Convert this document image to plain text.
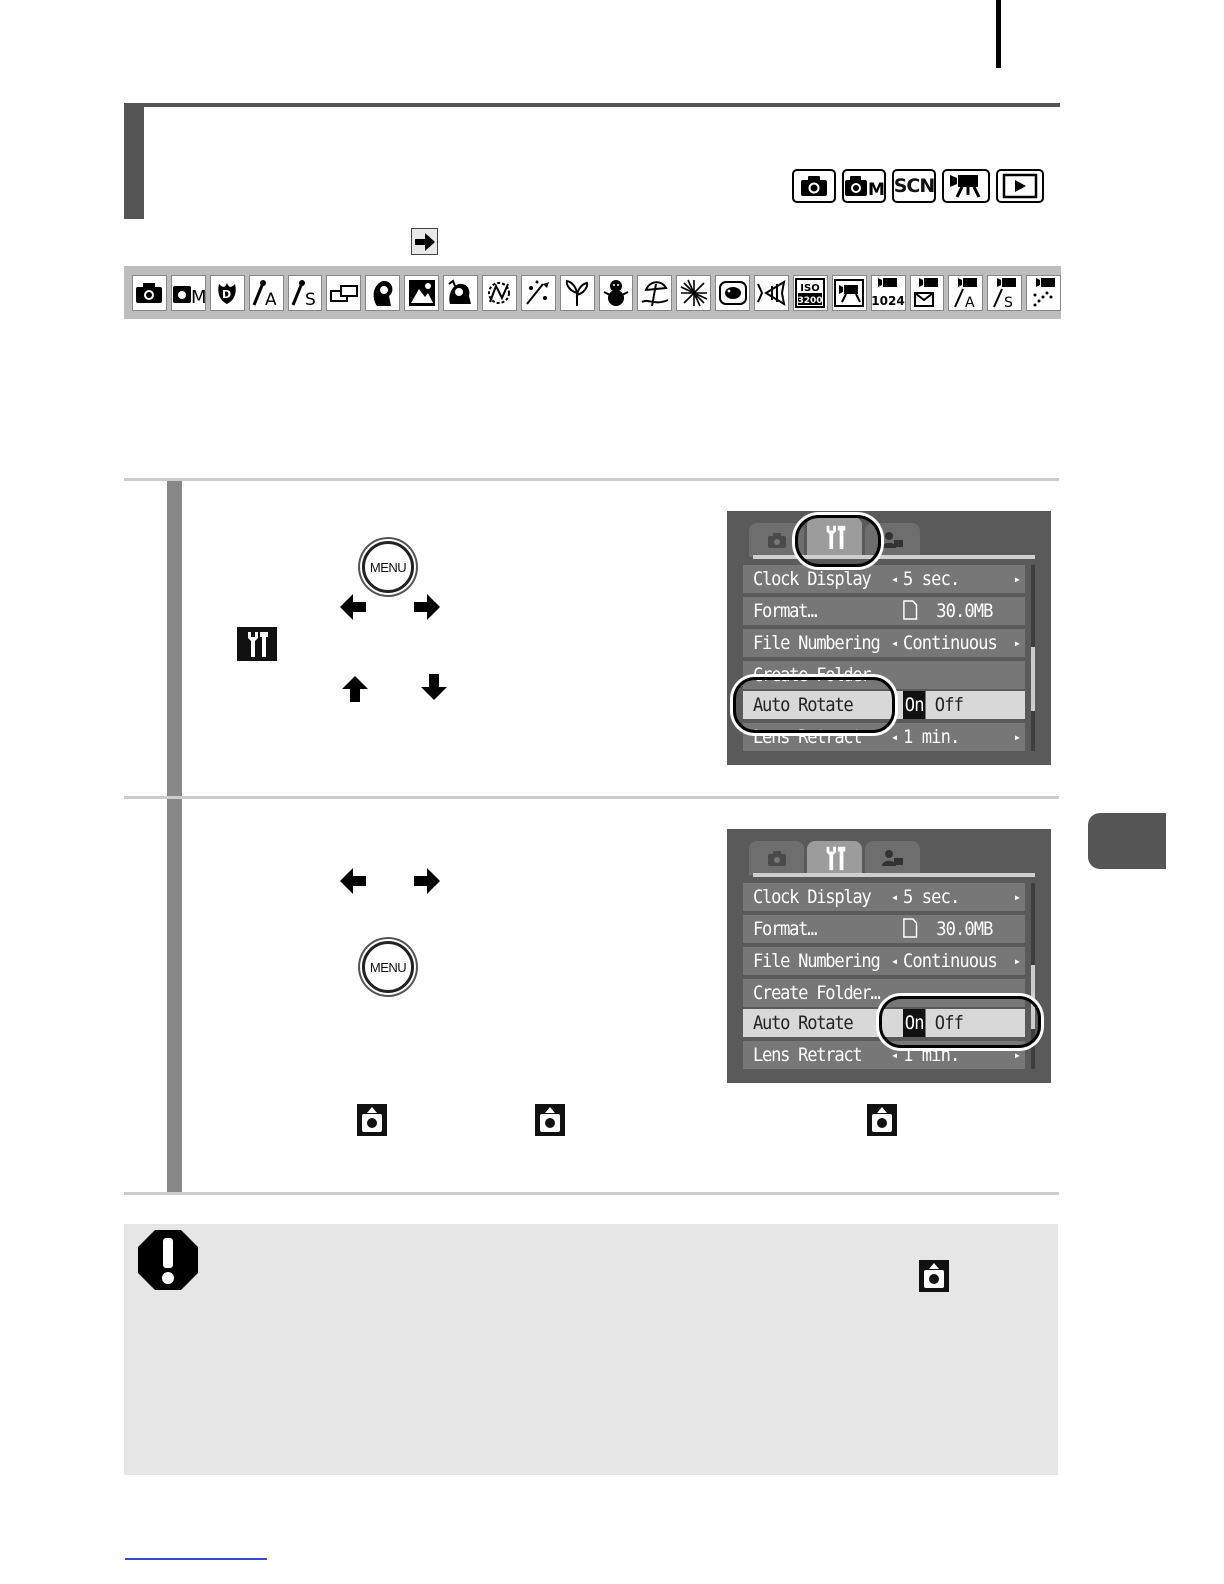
M SCN
M D A S
ISO
3200	1024	A S
MENU
Clock Display ◂ 5 sec.	▸
Format…	30.0MB
File Numbering ◂ Continuous ▸
Create Folder
Auto Rotate	On Off
Lens Retract ◂ 1 min.	▸
MENU
Clock Display ◂ 5 sec.	▸
Format…	30.0MB
File Numbering ◂ Continuous ▸
Create Folder…
Auto Rotate	On Off
Lens Retract ◂ 1 min.	▸
